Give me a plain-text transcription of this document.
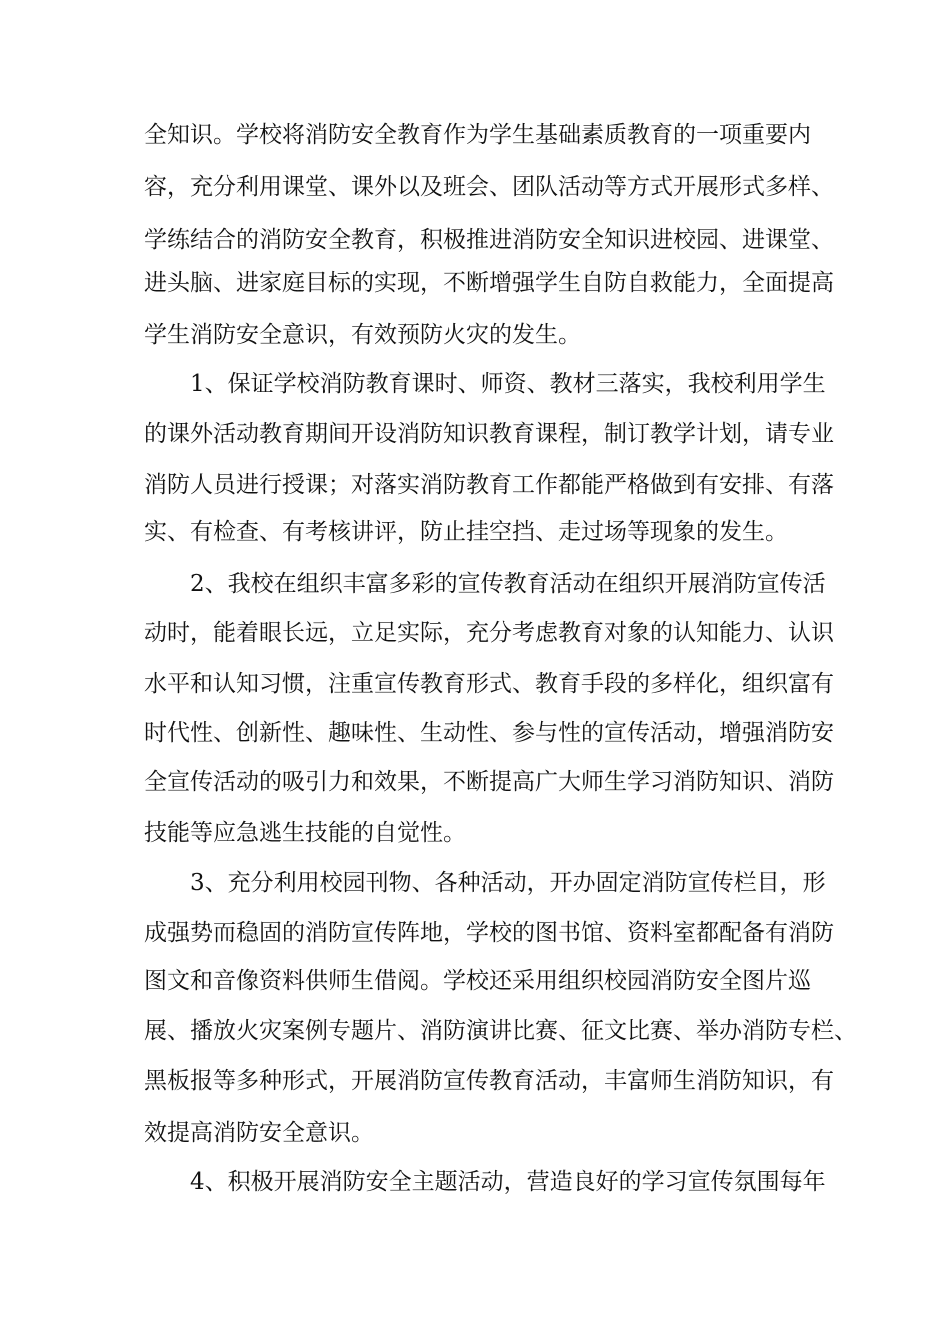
全知识。学校将消防安全教育作为学生基础素质教育的一项重要内
容，充分利用课堂、课外以及班会、团队活动等方式开展形式多样、
学练结合的消防安全教育，积极推进消防安全知识进校园、进课堂、
进头脑、进家庭目标的实现，不断增强学生自防自救能力，全面提高
学生消防安全意识，有效预防火灾的发生。
1、保证学校消防教育课时、师资、教材三落实，我校利用学生
的课外活动教育期间开设消防知识教育课程，制订教学计划，请专业
消防人员进行授课；对落实消防教育工作都能严格做到有安排、有落
实、有检查、有考核讲评，防止挂空挡、走过场等现象的发生。
2、我校在组织丰富多彩的宣传教育活动在组织开展消防宣传活
动时，能着眼长远，立足实际，充分考虑教育对象的认知能力、认识
水平和认知习惯，注重宣传教育形式、教育手段的多样化，组织富有
时代性、创新性、趣味性、生动性、参与性的宣传活动，增强消防安
全宣传活动的吸引力和效果，不断提高广大师生学习消防知识、消防
技能等应急逃生技能的自觉性。
3、充分利用校园刊物、各种活动，开办固定消防宣传栏目，形
成强势而稳固的消防宣传阵地，学校的图书馆、资料室都配备有消防
图文和音像资料供师生借阅。学校还采用组织校园消防安全图片巡
展、播放火灾案例专题片、消防演讲比赛、征文比赛、举办消防专栏、
黑板报等多种形式，开展消防宣传教育活动，丰富师生消防知识，有
效提高消防安全意识。
4、积极开展消防安全主题活动，营造良好的学习宣传氛围每年
